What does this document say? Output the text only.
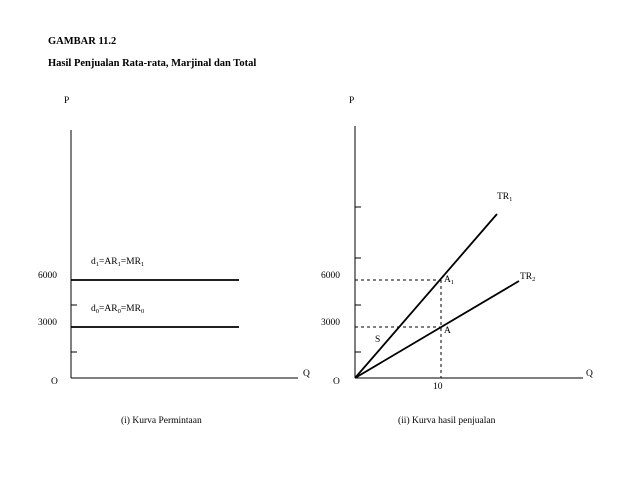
GAMBAR 11.2
Hasil Penjualan Rata-rata, Marjinal dan Total
P
Q
O
6000
3000
$d_1=AR_1=MR_1$
$d_0=AR_0=MR_0$
(i) Kurva Permintaan
P
Q
O
6000
3000
10
$TR_1$
$TR_2$
$A_1$
A
S
(ii) Kurva hasil penjualan
